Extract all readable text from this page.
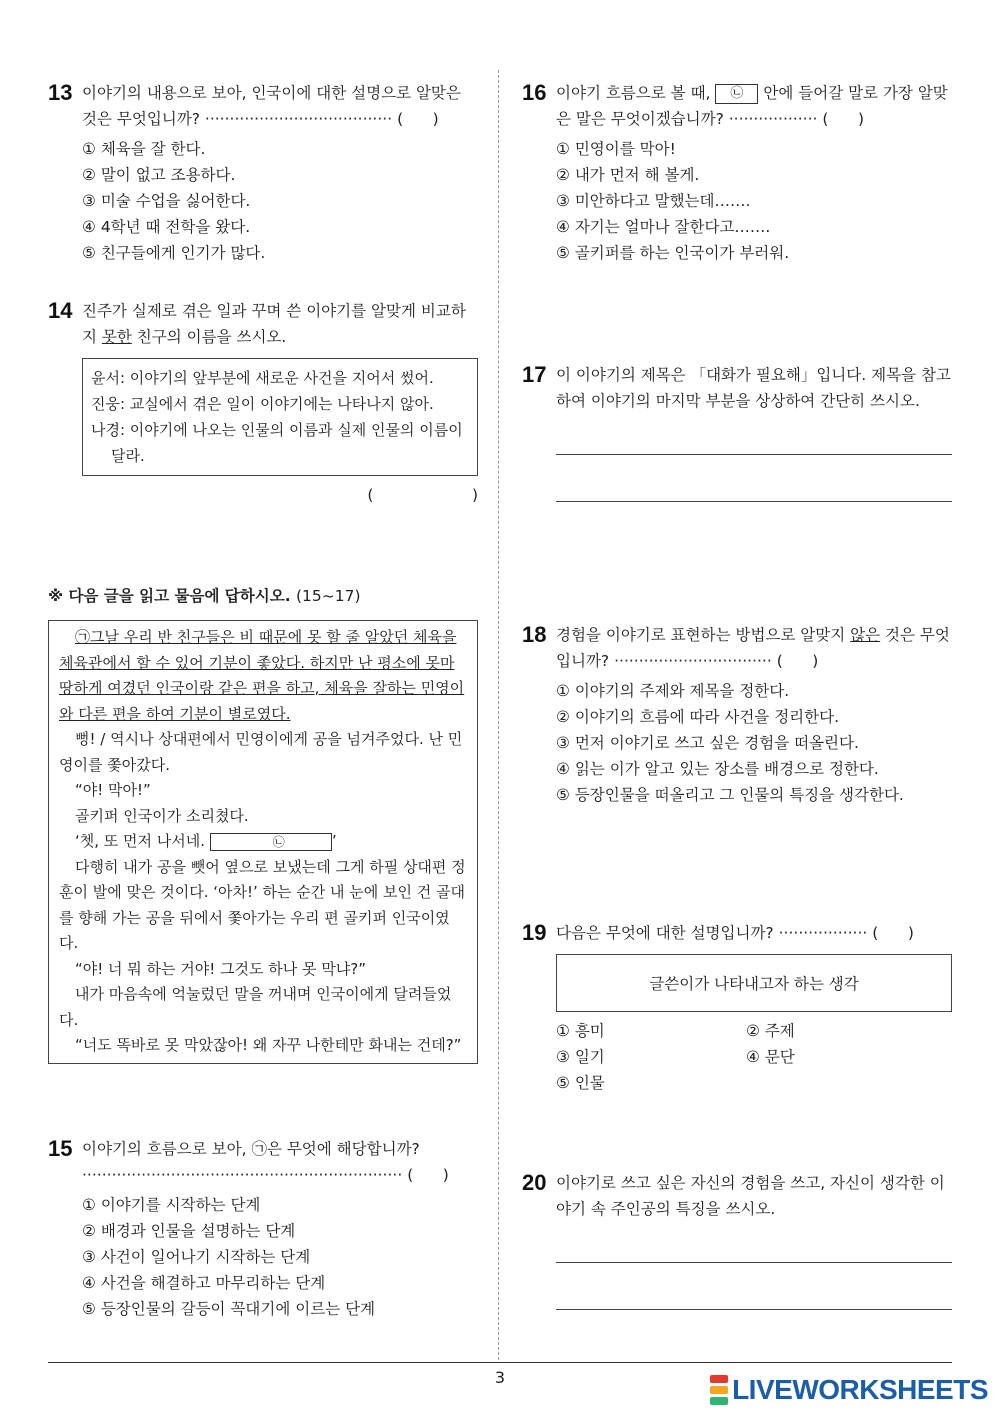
13 이야기의 내용으로 보아, 인국이에 대한 설명으로 알맞은 것은 무엇입니까? ······································ (      )
① 체육을 잘 한다.
② 말이 없고 조용하다.
③ 미술 수업을 싫어한다.
④ 4학년 때 전학을 왔다.
⑤ 친구들에게 인기가 많다.
14 진주가 실제로 겪은 일과 꾸며 쓴 이야기를 알맞게 비교하지 못한 친구의 이름을 쓰시오.
윤서: 이야기의 앞부분에 새로운 사건을 지어서 썼어.
진웅: 교실에서 겪은 일이 이야기에는 나타나지 않아.
나경: 이야기에 나오는 인물의 이름과 실제 인물의 이름이 달라.
(                    )
※ 다음 글을 읽고 물음에 답하시오. (15~17)

㉠그날 우리 반 친구들은 비 때문에 못 할 줄 알았던 체육을 체육관에서 할 수 있어 기분이 좋았다. 하지만 난 평소에 못마땅하게 여겼던 인국이랑 같은 편을 하고, 체육을 잘하는 민영이와 다른 편을 하여 기분이 별로였다.

뻥! / 역시나 상대편에서 민영이에게 공을 넘겨주었다. 난 민영이를 쫓아갔다.

“야! 막아!”

골키퍼 인국이가 소리쳤다.

‘쳇, 또 먼저 나서네.	㉡	’

다행히 내가 공을 뺏어 옆으로 보냈는데 그게 하필 상대편 정훈이 발에 맞은 것이다. ‘아차!’ 하는 순간 내 눈에 보인 건 골대를 향해 가는 공을 뒤에서 쫓아가는 우리 편 골키퍼 인국이였다.

“야! 너 뭐 하는 거야! 그것도 하나 못 막냐?”

내가 마음속에 억눌렀던 말을 꺼내며 인국이에게 달려들었다.

“너도 똑바로 못 막았잖아! 왜 자꾸 나한테만 화내는 건데?”

15 이야기의 흐름으로 보아, ㉠은 무엇에 해당합니까?
································································· (      )
① 이야기를 시작하는 단계
② 배경과 인물을 설명하는 단계
③ 사건이 일어나기 시작하는 단계
④ 사건을 해결하고 마무리하는 단계
⑤ 등장인물의 갈등이 꼭대기에 이르는 단계
16 이야기 흐름으로 볼 때, ㉡ 안에 들어갈 말로 가장 알맞은 말은 무엇이겠습니까? ·················· (      )
① 민영이를 막아!
② 내가 먼저 해 볼게.
③ 미안하다고 말했는데…….
④ 자기는 얼마나 잘한다고…….
⑤ 골키퍼를 하는 인국이가 부러워.
17 이 이야기의 제목은 「대화가 필요해」입니다. 제목을 참고하여 이야기의 마지막 부분을 상상하여 간단히 쓰시오.
18 경험을 이야기로 표현하는 방법으로 알맞지 않은 것은 무엇입니까? ································ (      )
① 이야기의 주제와 제목을 정한다.
② 이야기의 흐름에 따라 사건을 정리한다.
③ 먼저 이야기로 쓰고 싶은 경험을 떠올린다.
④ 읽는 이가 알고 있는 장소를 배경으로 정한다.
⑤ 등장인물을 떠올리고 그 인물의 특징을 생각한다.
19 다음은 무엇에 대한 설명입니까? ·················· (      )
글쓴이가 나타내고자 하는 생각
① 흥미	② 주제
③ 일기	④ 문단
⑤ 인물
20 이야기로 쓰고 싶은 자신의 경험을 쓰고, 자신이 생각한 이야기 속 주인공의 특징을 쓰시오.
3	LIVEWORKSHEETS
